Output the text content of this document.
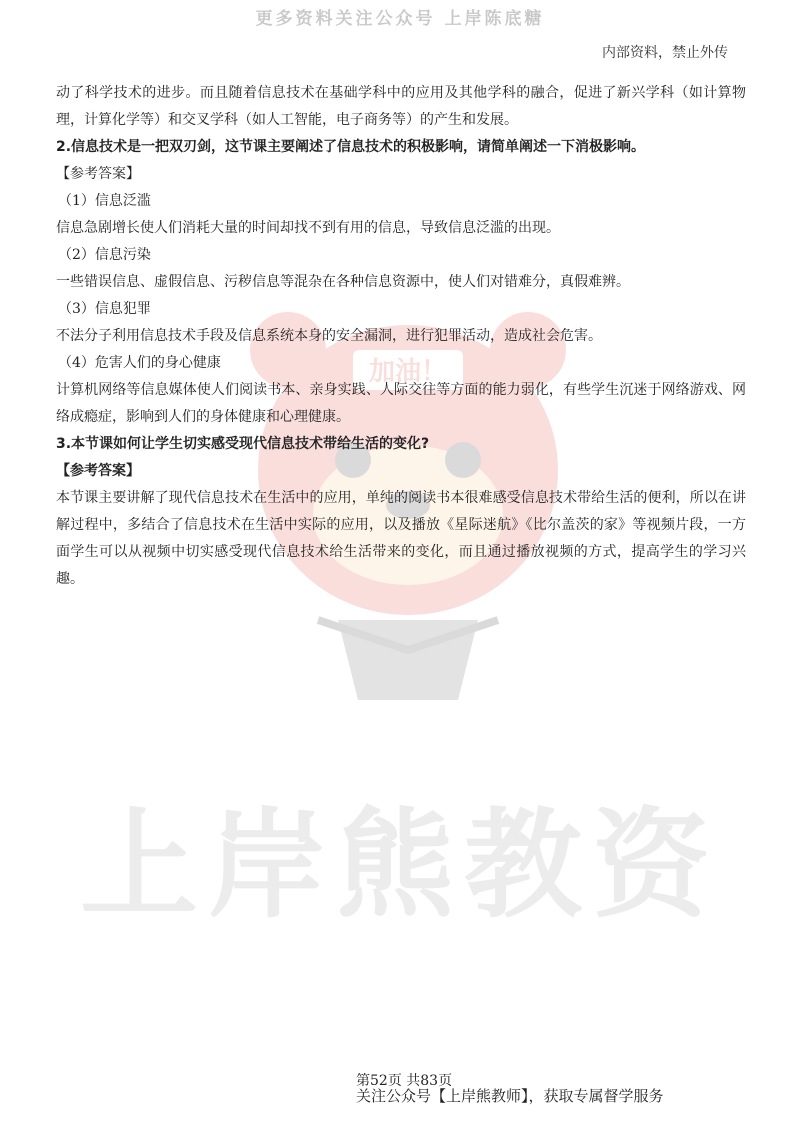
更多资料关注公众号 上岸陈底糖
内部资料，禁止外传
加油！
上岸熊教资

动了科学技术的进步。而且随着信息技术在基础学科中的应用及其他学科的融合，促进了新兴学科（如计算物理，计算化学等）和交叉学科（如人工智能，电子商务等）的产生和发展。

2.信息技术是一把双刃剑，这节课主要阐述了信息技术的积极影响，请简单阐述一下消极影响。

【参考答案】

（1）信息泛滥

信息急剧增长使人们消耗大量的时间却找不到有用的信息，导致信息泛滥的出现。

（2）信息污染

一些错误信息、虚假信息、污秽信息等混杂在各种信息资源中，使人们对错难分，真假难辨。

（3）信息犯罪

不法分子利用信息技术手段及信息系统本身的安全漏洞，进行犯罪活动，造成社会危害。

（4）危害人们的身心健康

计算机网络等信息媒体使人们阅读书本、亲身实践、人际交往等方面的能力弱化，有些学生沉迷于网络游戏、网络成瘾症，影响到人们的身体健康和心理健康。

3.本节课如何让学生切实感受现代信息技术带给生活的变化?

【参考答案】

本节课主要讲解了现代信息技术在生活中的应用，单纯的阅读书本很难感受信息技术带给生活的便利，所以在讲解过程中，多结合了信息技术在生活中实际的应用，以及播放《星际迷航》《比尔盖茨的家》等视频片段，一方面学生可以从视频中切实感受现代信息技术给生活带来的变化，而且通过播放视频的方式，提高学生的学习兴趣。

第52页 共83页
关注公众号【上岸熊教师】，获取专属督学服务
